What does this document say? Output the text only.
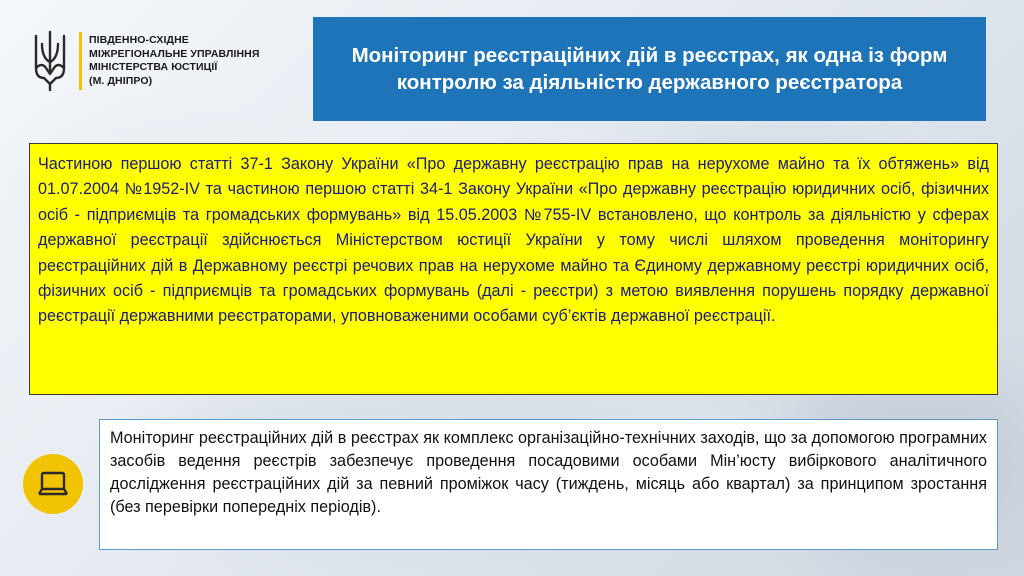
ПІВДЕННО-СХІДНЕ
МІЖРЕГІОНАЛЬНЕ УПРАВЛІННЯ
МІНІСТЕРСТВА ЮСТИЦІЇ
(М. ДНІПРО)

Моніторинг реєстраційних дій в реєстрах, як одна із форм контролю за діяльністю державного реєстратора

Частиною першою статті 37-1 Закону України «Про державну реєстрацію прав на нерухоме майно та їх обтяжень» від 01.07.2004 №1952-IV та частиною першою статті 34-1 Закону України «Про державну реєстрацію юридичних осіб, фізичних осіб - підприємців та громадських формувань» від 15.05.2003 №755-IV встановлено, що контроль за діяльністю у сферах державної реєстрації здійснюється Міністерством юстиції України у тому числі шляхом проведення моніторингу реєстраційних дій в Державному реєстрі речових прав на нерухоме майно та Єдиному державному реєстрі юридичних осіб, фізичних осіб - підприємців та громадських формувань (далі - реєстри) з метою виявлення порушень порядку державної реєстрації державними реєстраторами, уповноваженими особами суб’єктів державної реєстрації.

Моніторинг реєстраційних дій в реєстрах як комплекс організаційно-технічних заходів, що за допомогою програмних засобів ведення реєстрів забезпечує проведення посадовими особами Мін’юсту вибіркового аналітичного дослідження реєстраційних дій за певний проміжок часу (тиждень, місяць або квартал) за принципом зростання (без перевірки попередніх періодів).
